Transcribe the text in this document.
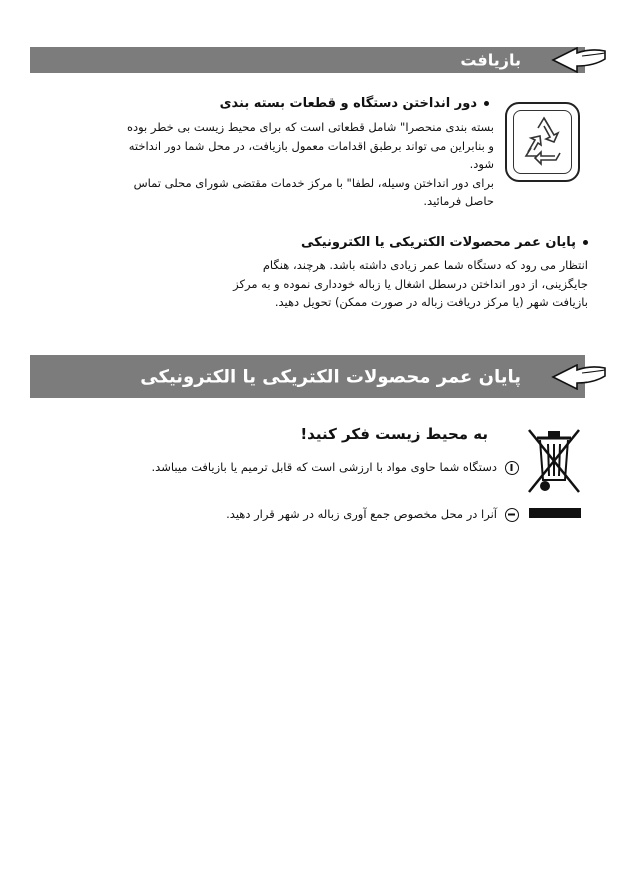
بازیافت
دور انداختن دستگاه و قطعات بسته بندی
بسته بندی منحصرا" شامل قطعاتی است که برای محیط زیست بی خطر بوده
و بنابراین می تواند برطبق اقدامات معمول بازیافت، در محل شما دور انداخته
شود.
برای دور انداختن وسیله، لطفا" با مرکز خدمات مقتضی شورای محلی تماس
حاصل فرمائید.
پایان عمر محصولات الکتریکی یا الکترونیکی
انتظار می رود که دستگاه شما عمر زیادی داشته باشد. هرچند، هنگام
جایگزینی، از دور انداختن درسطل اشغال یا زباله خودداری نموده و به مرکز
بازیافت شهر (یا مرکز دریافت زباله در صورت ممکن) تحویل دهید.
پایان عمر محصولات الکتریکی یا الکترونیکی
به محیط زیست فکر کنید!
دستگاه شما حاوی مواد با ارزشی است که قابل ترمیم یا بازیافت میباشد.
آنرا در محل مخصوص جمع آوری زباله در شهر قرار دهید.
